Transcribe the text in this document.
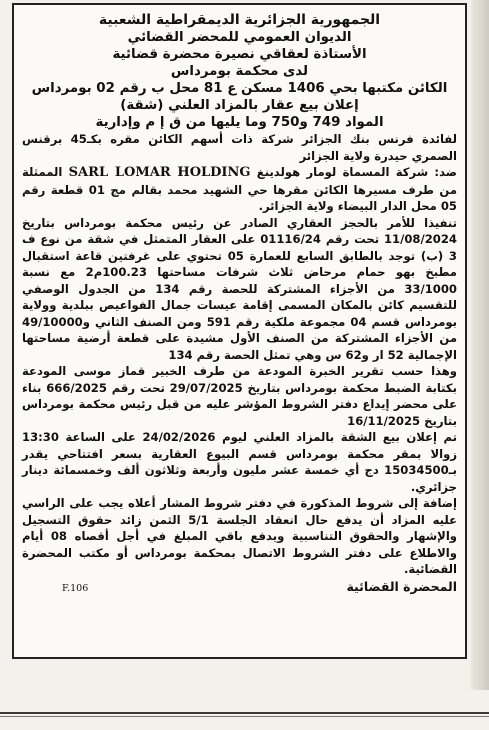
الجمهورية الجزائرية الديمقراطية الشعبية

الديوان العمومي للمحضر القضائي

الأستاذة لعقاقي نصيرة محضرة قضائية

لدى محكمة بومرداس

الكائن مكتبها بحي 1406 مسكن ع 81 محل ب رقم 02 بومرداس

إعلان بيع عقار بالمزاد العلني (شقة)

المواد 749 و750 وما يليها من ق إ م وإدارية

لفائدة فرنس بنك الجزائر شركة ذات أسهم الكائن مقره بكـ45 برقنس الصمري حيدرة ولاية الجزائر

ضد: شركة المسماة لومار هولدينغ SARL LOMAR HOLDING الممثلة من طرف مسيرها الكائن مقرها حي الشهيد محمد بقالم مج 01 قطعة رقم 05 محل الدار البيضاء ولاية الجزائر.

تنفيذا للأمر بالحجز العقاري الصادر عن رئيس محكمة بومرداس بتاريخ 11/08/2024 تحت رقم 01116/24 على العقار المتمثل في شقة من نوع ف 3 (ب) توجد بالطابق السابع للعمارة 05 تحتوي على غرفتين قاعة استقبال مطبخ بهو حمام مرحاض ثلاث شرفات مساحتها 100.23م2 مع نسبة 33/1000 من الأجزاء المشتركة للحصة رقم 134 من الجدول الوصفي للتقسيم كائن بالمكان المسمى إقامة عيسات جمال الفواعيص ببلدية وولاية بومرداس قسم 04 مجموعة ملكية رقم 591 ومن الصنف الثاني و49/10000 من الأجزاء المشتركة من الصنف الأول مشيدة على قطعة أرضية مساحتها الإجمالية 52 ار و62 س وهي تمثل الحصة رقم 134

وهذا حسب تقرير الخبرة المودعة من طرف الخبير قماز موسى المودعة بكتابة الضبط محكمة بومرداس بتاريخ 29/07/2025 تحت رقم 666/2025 بناء على محضر إيداع دفتر الشروط المؤشر عليه من قبل رئيس محكمة بومرداس بتاريخ 16/11/2025

تم إعلان بيع الشقة بالمزاد العلني ليوم 24/02/2026 على الساعة 13:30 زوالا بمقر محكمة بومرداس قسم البيوع العقارية بسعر افتتاحي يقدر بـ15034500 دج أي خمسة عشر مليون وأربعة وثلاثون ألف وخمسمائة دينار جزائري.

إضافة إلى شروط المذكورة في دفتر شروط المشار أعلاه يجب على الراسي عليه المزاد أن يدفع حال انعقاد الجلسة 5/1 الثمن زائد حقوق التسجيل والإشهار والحقوق التناسبية ويدفع باقي المبلغ في أجل أقصاه 08 أيام والاطلاع على دفتر الشروط الاتصال بمحكمة بومرداس أو مكتب المحضرة القضائية.

المحضرة القضائية
F.106
